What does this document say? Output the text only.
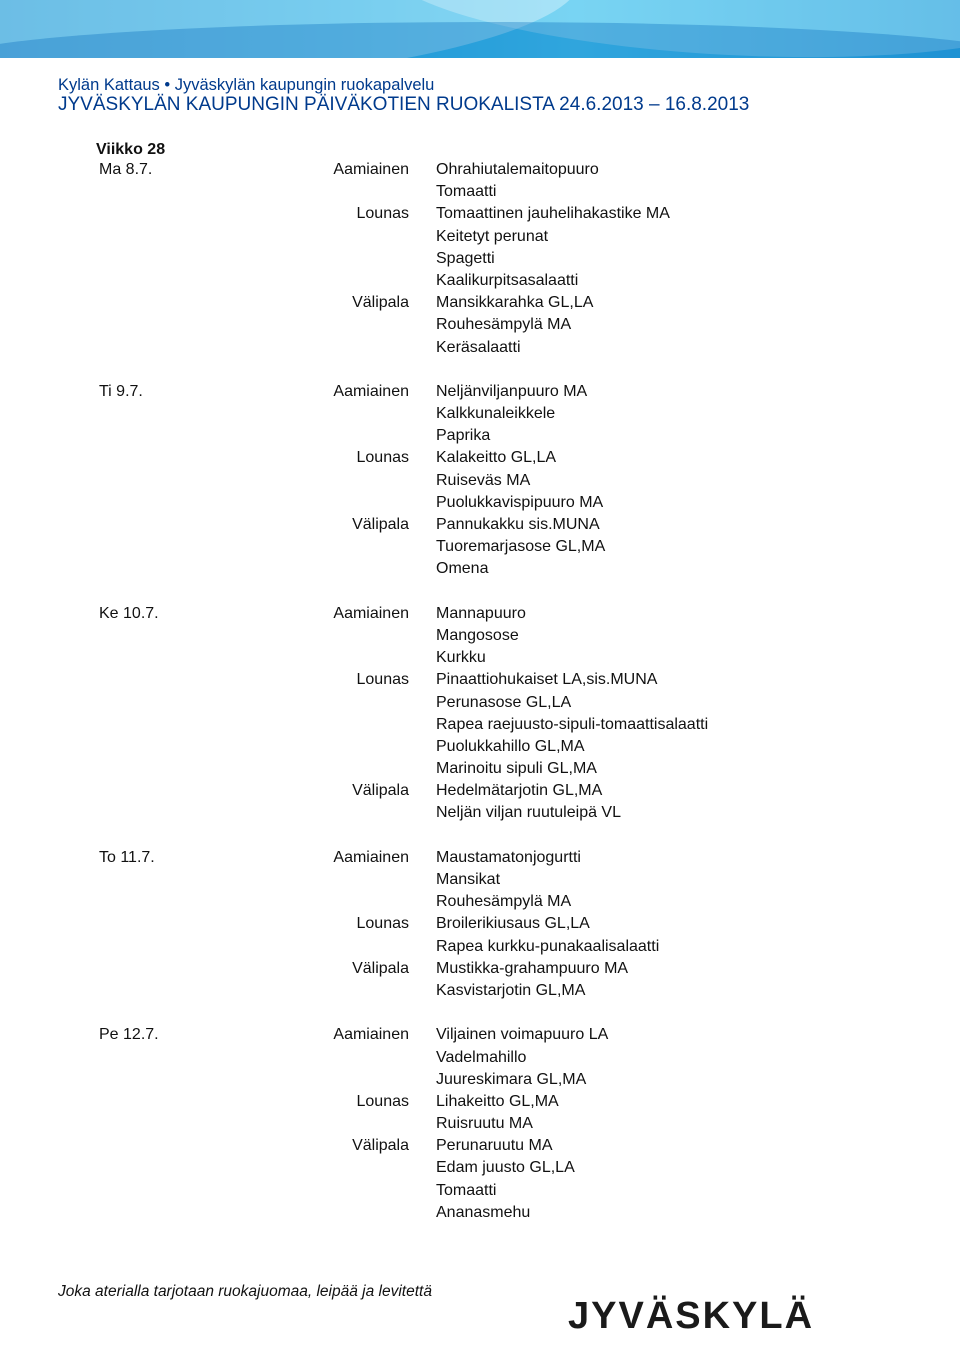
Kylän Kattaus • Jyväskylän kaupungin ruokapalvelu
JYVÄSKYLÄN KAUPUNGIN PÄIVÄKOTIEN RUOKALISTA 24.6.2013 – 16.8.2013
Viikko 28
Ma 8.7.	Aamiainen Ohrahiutalemaitopuuro
Tomaatti
Lounas Tomaattinen jauhelihakastike MA
Keitetyt perunat
Spagetti
Kaalikurpitsasalaatti
Välipala Mansikkarahka GL,LA
Rouhesämpylä MA
Keräsalaatti
Ti 9.7.	Aamiainen Neljänviljanpuuro MA
Kalkkunaleikkele
Paprika
Lounas Kalakeitto GL,LA
Ruiseväs MA
Puolukkavispipuuro MA
Välipala Pannukakku sis.MUNA
Tuoremarjasose GL,MA
Omena
Ke 10.7.	Aamiainen Mannapuuro
Mangosose
Kurkku
Lounas Pinaattiohukaiset LA,sis.MUNA
Perunasose GL,LA
Rapea raejuusto-sipuli-tomaattisalaatti
Puolukkahillo GL,MA
Marinoitu sipuli GL,MA
Välipala Hedelmätarjotin GL,MA
Neljän viljan ruutuleipä VL
To 11.7.	Aamiainen Maustamatonjogurtti
Mansikat
Rouhesämpylä MA
Lounas Broilerikiusaus GL,LA
Rapea kurkku-punakaalisalaatti
Välipala Mustikka-grahampuuro MA
Kasvistarjotin GL,MA
Pe 12.7.	Aamiainen Viljainen voimapuuro LA
Vadelmahillo
Juureskimara GL,MA
Lounas Lihakeitto GL,MA
Ruisruutu MA
Välipala Perunaruutu MA
Edam juusto GL,LA
Tomaatti
Ananasmehu
Joka aterialla tarjotaan ruokajuomaa, leipää ja levitettä
JYVÄSKYLÄ
